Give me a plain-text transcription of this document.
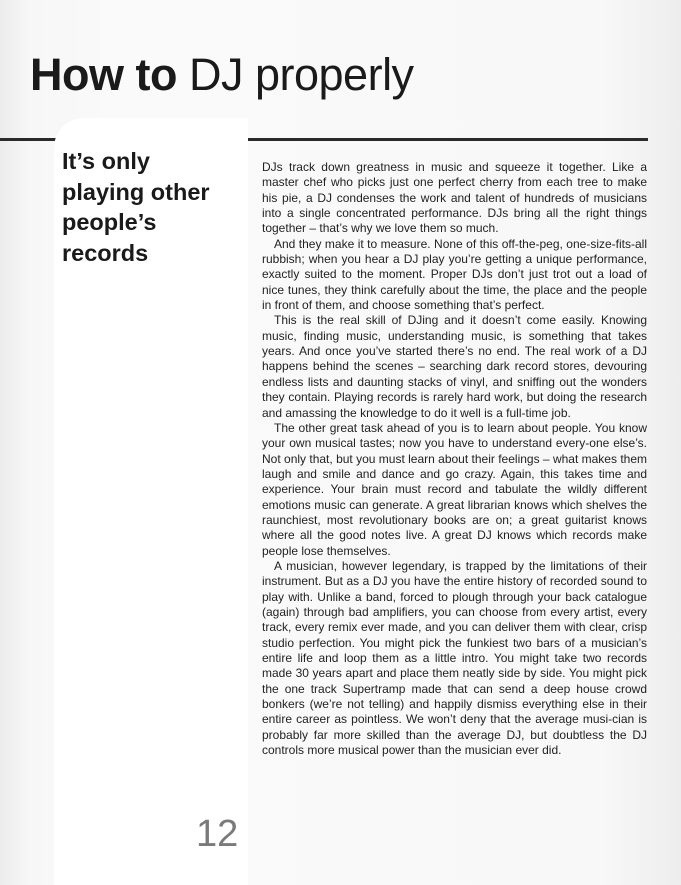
How to DJ properly
It’s only
playing other
people’s
records

DJs track down greatness in music and squeeze it together. Like a master chef who picks just one perfect cherry from each tree to make his pie, a DJ condenses the work and talent of hundreds of musicians into a single concentrated performance. DJs bring all the right things together – that’s why we love them so much.

And they make it to measure. None of this off-the-peg, one-size-fits-all rubbish; when you hear a DJ play you’re getting a unique performance, exactly suited to the moment. Proper DJs don’t just trot out a load of nice tunes, they think carefully about the time, the place and the people in front of them, and choose something that’s perfect.

This is the real skill of DJing and it doesn’t come easily. Knowing music, finding music, understanding music, is something that takes years. And once you’ve started there’s no end. The real work of a DJ happens behind the scenes – searching dark record stores, devouring endless lists and daunting stacks of vinyl, and sniffing out the wonders they contain. Playing records is rarely hard work, but doing the research and amassing the knowledge to do it well is a full-time job.

The other great task ahead of you is to learn about people. You know your own musical tastes; now you have to understand every-one else’s. Not only that, but you must learn about their feelings – what makes them laugh and smile and dance and go crazy. Again, this takes time and experience. Your brain must record and tabulate the wildly different emotions music can generate. A great librarian knows which shelves the raunchiest, most revolutionary books are on; a great guitarist knows where all the good notes live. A great DJ knows which records make people lose themselves.

A musician, however legendary, is trapped by the limitations of their instrument. But as a DJ you have the entire history of recorded sound to play with. Unlike a band, forced to plough through your back catalogue (again) through bad amplifiers, you can choose from every artist, every track, every remix ever made, and you can deliver them with clear, crisp studio perfection. You might pick the funkiest two bars of a musician’s entire life and loop them as a little intro. You might take two records made 30 years apart and place them neatly side by side. You might pick the one track Supertramp made that can send a deep house crowd bonkers (we’re not telling) and happily dismiss everything else in their entire career as pointless. We won’t deny that the average musi-cian is probably far more skilled than the average DJ, but doubtless the DJ controls more musical power than the musician ever did.

12
